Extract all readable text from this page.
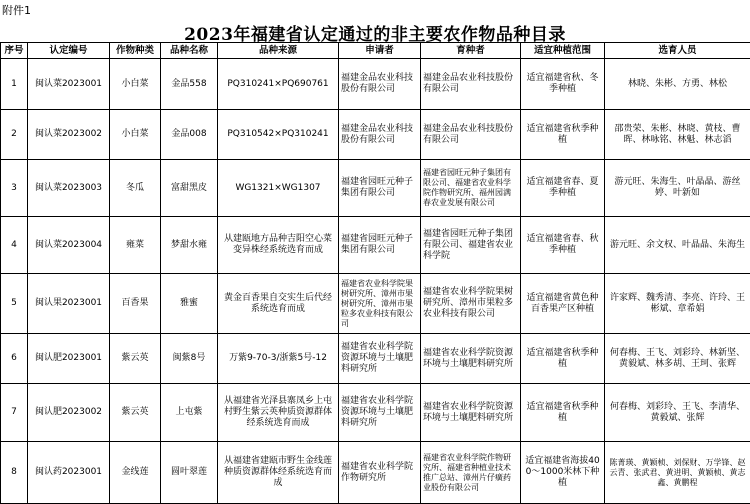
附件1
2023年福建省认定通过的非主要农作物品种目录
序号	认定编号	作物种类	品种名称	品种来源	申请者	育种者	适宜种植范围	选育人员
1	闽认菜2023001	小白菜	金品558	PQ310241×PQ690761	福建金品农业科技股份有限公司	福建金品农业科技股份有限公司	适宜福建省秋、冬季种植	林晓、朱彬、方勇、林松
2	闽认菜2023002	小白菜	金品008	PQ310542×PQ310241	福建金品农业科技股份有限公司	福建金品农业科技股份有限公司	适宜福建省秋季种植	邵贵荣、朱彬、林晓、黄枝、曹晖、林咏铭、林魁、林志滔
3	闽认菜2023003	冬瓜	富甜黑皮	WG1321×WG1307	福建省园旺元种子集团有限公司	福建省园旺元种子集团有限公司、福建省农业科学院作物研究所、福州园满春农业发展有限公司	适宜福建省春、夏季种植	游元旺、朱海生、叶晶晶、游丝婷、叶新如
4	闽认菜2023004	雍菜	梦甜水雍	从建瓯地方品种吉阳空心菜变异株经系统选育而成	福建省园旺元种子集团有限公司	福建省园旺元种子集团有限公司、福建省农业科学院	适宜福建省春、秋季种植	游元旺、余文权、叶晶晶、朱海生
5	闽认果2023001	百香果	雅蜜	黄金百香果自交实生后代经系统选育而成	福建省农业科学院果树研究所、漳州市果树研究所、漳州市果粒多农业科技有限公司	福建省农业科学院果树研究所、漳州市果粒多农业科技有限公司	适宜福建省黄色种百香果产区种植	许家辉、魏秀清、李亮、许玲、王彬斌、章希娟
6	闽认肥2023001	紫云英	闽紫8号	万紫9-70-3/浙紫5号-12	福建省农业科学院资源环境与土壤肥料研究所	福建省农业科学院资源环境与土壤肥料研究所	适宜福建省秋季种植	何春梅、王飞、刘彩玲、林新坚、黄毅斌、林多胡、王珂、张辉
7	闽认肥2023002	紫云英	上屯紫	从福建省光泽县寨凤乡上屯村野生紫云英种质资源群体经系统选育而成	福建省农业科学院资源环境与土壤肥料研究所	福建省农业科学院资源环境与土壤肥料研究所	适宜福建省秋季种植	何春梅、刘彩玲、王飞、李清华、黄毅斌、张辉
8	闽认药2023001	金线莲	圆叶翠莲	从福建省建瓯市野生金线莲种质资源群体经系统选育而成	福建省农业科学院作物研究所	福建省农业科学院作物研究所、福建省种植业技术推广总站、漳州片仔癀药业股份有限公司	适宜福建省海拔400～1000米林下种植	陈菁瑛、黄颖桢、刘保财、万学锋、赵云青、张武君、黄进明、黄颖桢、黄志鑫、黄鹏程
